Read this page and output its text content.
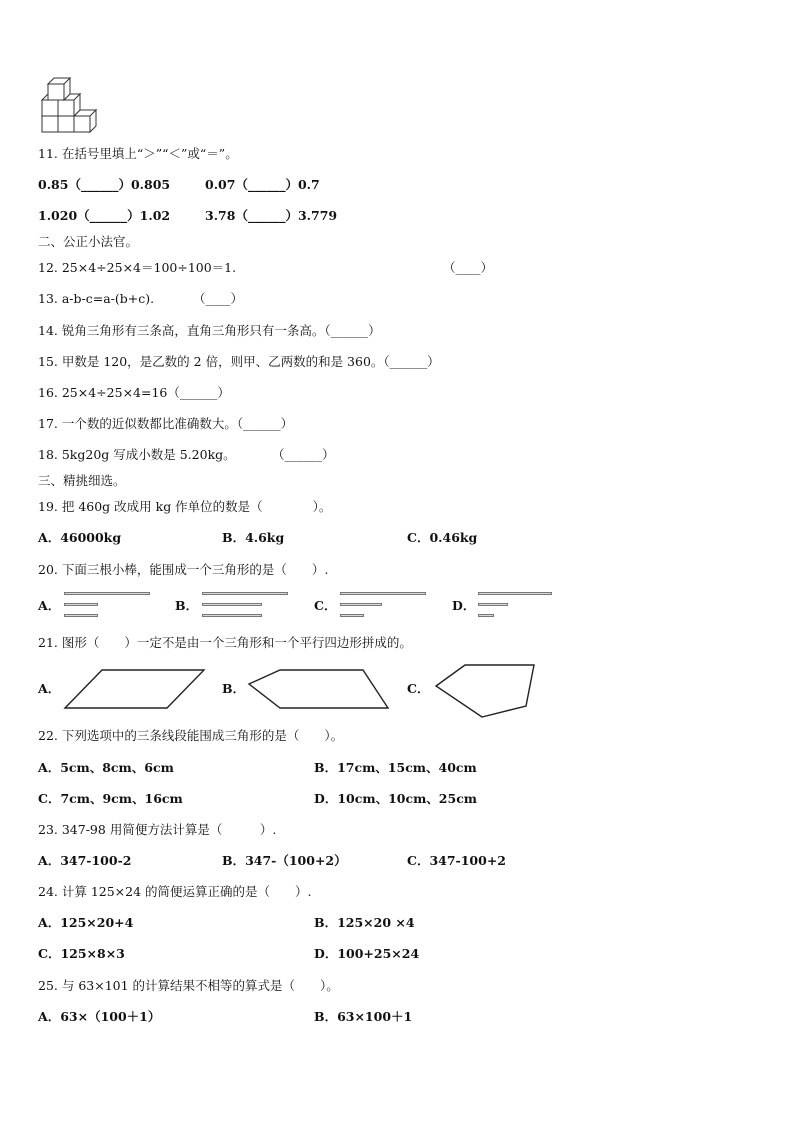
11. 在括号里填上“＞”“＜”或“＝”。
0.85（______）0.805	0.07（______）0.7
1.020（______）1.02	3.78（______）3.779
二、公正小法官。
12. 25×4÷25×4＝100÷100＝1.	（____）
13. a-b-c=a-(b+c).	（____）
14. 锐角三角形有三条高，直角三角形只有一条高。（______）
15. 甲数是 120，是乙数的 2 倍，则甲、乙两数的和是 360。（______）
16. 25×4÷25×4=16（______）
17. 一个数的近似数都比准确数大。（______）
18. 5kg20g 写成小数是 5.20kg。	（______）
三、精挑细选。
19. 把 460g 改成用 kg 作单位的数是（　　　　）。
A．46000kg	B．4.6kg	C．0.46kg
20. 下面三根小棒，能围成一个三角形的是（　　）.
A．	B．	C．	D．
21. 图形（　　）一定不是由一个三角形和一个平行四边形拼成的。
A．	B．	C．
22. 下列选项中的三条线段能围成三角形的是（　　）。
A．5cm、8cm、6cm	B．17cm、15cm、40cm
C．7cm、9cm、16cm	D．10cm、10cm、25cm
23. 347-98 用简便方法计算是（　　　）.
A．347-100-2	B．347-（100+2）	C．347-100+2
24. 计算 125×24 的简便运算正确的是（　　）.
A．125×20+4	B．125×20 ×4
C．125×8×3	D．100+25×24
25. 与 63×101 的计算结果不相等的算式是（　　）。
A．63×（100＋1）	B．63×100＋1
